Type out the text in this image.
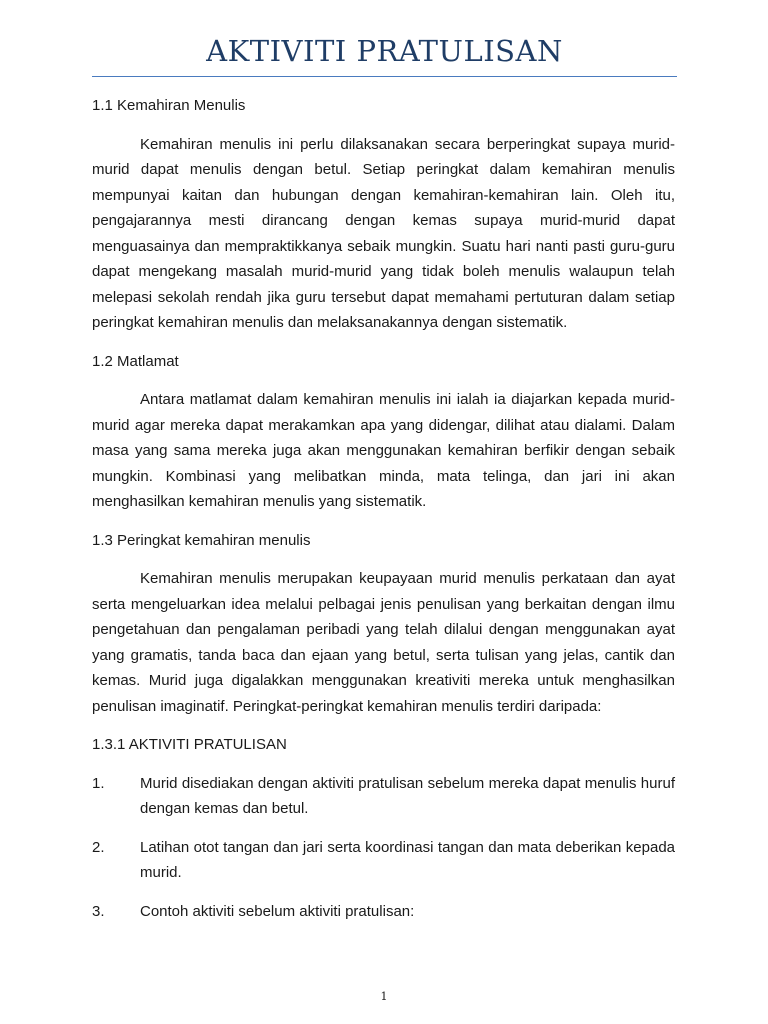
AKTIVITI PRATULISAN

1.1 Kemahiran Menulis

Kemahiran menulis ini perlu dilaksanakan secara berperingkat supaya murid-murid dapat menulis dengan betul. Setiap peringkat dalam kemahiran menulis mempunyai kaitan dan hubungan dengan kemahiran-kemahiran lain. Oleh itu, pengajarannya mesti dirancang dengan kemas supaya murid-murid dapat menguasainya dan mempraktikkanya sebaik mungkin. Suatu hari nanti pasti guru-guru dapat mengekang masalah murid-murid yang tidak boleh menulis walaupun telah melepasi sekolah rendah jika guru tersebut dapat memahami pertuturan dalam setiap peringkat kemahiran menulis dan melaksanakannya dengan sistematik.

1.2 Matlamat

Antara matlamat dalam kemahiran menulis ini ialah ia diajarkan kepada murid-murid agar mereka dapat merakamkan apa yang didengar, dilihat atau dialami. Dalam masa yang sama mereka juga akan menggunakan kemahiran berfikir dengan sebaik mungkin. Kombinasi yang melibatkan minda, mata telinga, dan jari ini akan menghasilkan kemahiran menulis yang sistematik.

1.3 Peringkat kemahiran menulis

Kemahiran menulis merupakan keupayaan murid menulis perkataan dan ayat serta mengeluarkan idea melalui pelbagai jenis penulisan yang berkaitan dengan ilmu pengetahuan dan pengalaman peribadi yang telah dilalui dengan menggunakan ayat yang gramatis, tanda baca dan ejaan yang betul, serta tulisan yang jelas, cantik dan kemas. Murid juga digalakkan menggunakan kreativiti mereka untuk menghasilkan penulisan imaginatif. Peringkat-peringkat kemahiran menulis terdiri daripada:

1.3.1 AKTIVITI PRATULISAN

1.	Murid disediakan dengan aktiviti pratulisan sebelum mereka dapat menulis huruf dengan kemas dan betul.
2.	Latihan otot tangan dan jari serta koordinasi tangan dan mata deberikan kepada murid.
3.	Contoh aktiviti sebelum aktiviti pratulisan:
1
